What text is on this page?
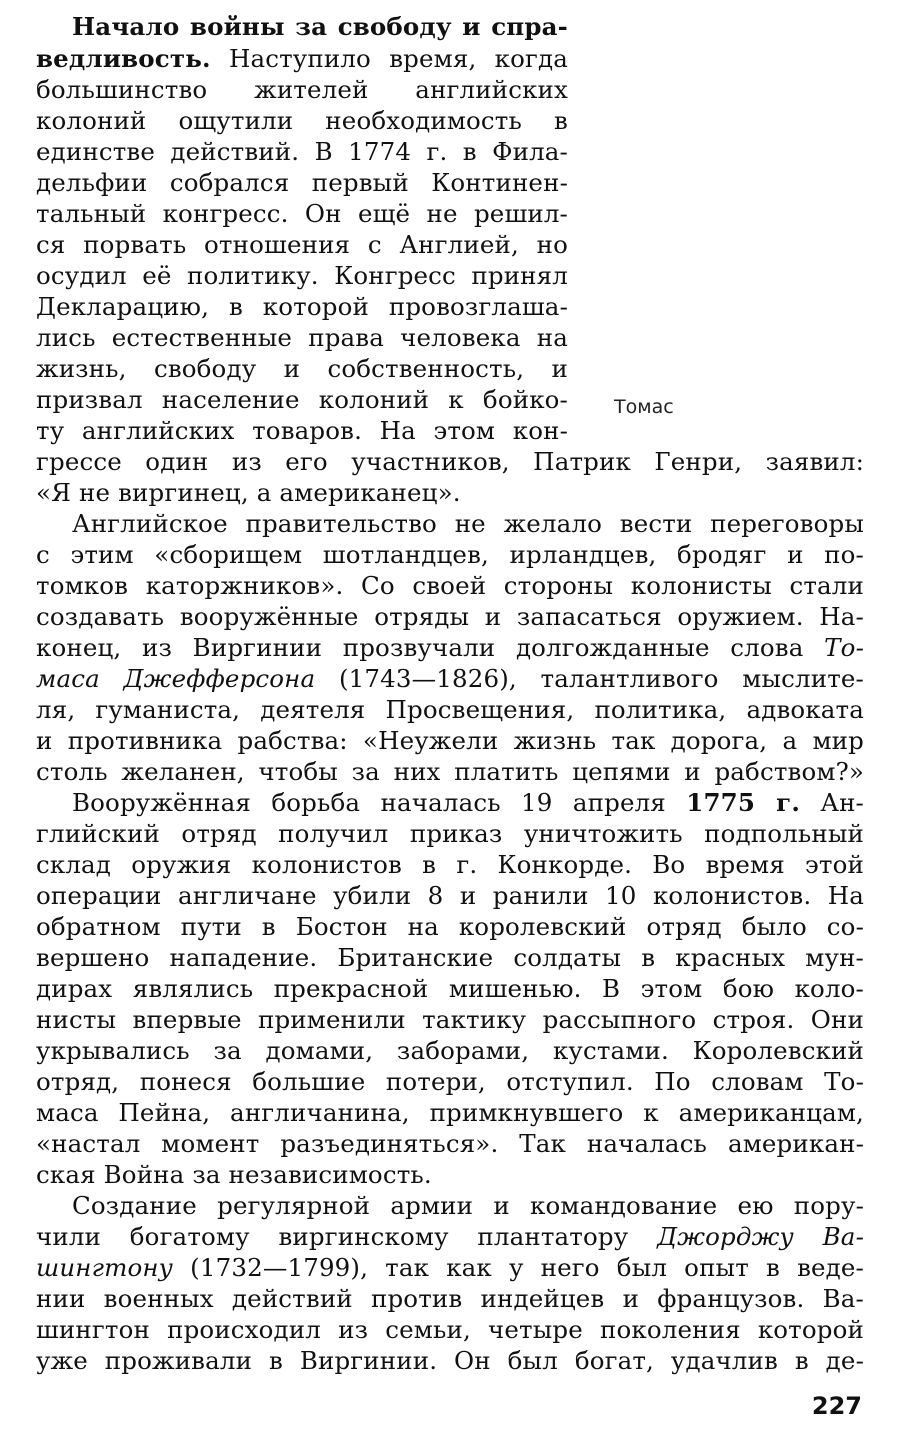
Начало войны за свободу и спра-
ведливость. Наступило время, когда
большинство жителей английских
колоний ощутили необходимость в
единстве действий. В 1774 г. в Фила-
дельфии собрался первый Континен-
тальный конгресс. Он ещё не решил-
ся порвать отношения с Англией, но
осудил её политику. Конгресс принял
Декларацию, в которой провозглаша-
лись естественные права человека на
жизнь, свободу и собственность, и
призвал население колоний к бойко-
ту английских товаров. На этом кон-
Томас
грессе один из его участников, Патрик Генри, заявил:
«Я не виргинец, а американец».
Английское правительство не желало вести переговоры
с этим «сборищем шотландцев, ирландцев, бродяг и по-
томков каторжников». Со своей стороны колонисты стали
создавать вооружённые отряды и запасаться оружием. На-
конец, из Виргинии прозвучали долгожданные слова То-
маса Джефферсона (1743—1826), талантливого мыслите-
ля, гуманиста, деятеля Просвещения, политика, адвоката
и противника рабства: «Неужели жизнь так дорога, а мир
столь желанен, чтобы за них платить цепями и рабством?»
Вооружённая борьба началась 19 апреля 1775 г. Ан-
глийский отряд получил приказ уничтожить подпольный
склад оружия колонистов в г. Конкорде. Во время этой
операции англичане убили 8 и ранили 10 колонистов. На
обратном пути в Бостон на королевский отряд было со-
вершено нападение. Британские солдаты в красных мун-
дирах являлись прекрасной мишенью. В этом бою коло-
нисты впервые применили тактику рассыпного строя. Они
укрывались за домами, заборами, кустами. Королевский
отряд, понеся большие потери, отступил. По словам То-
маса Пейна, англичанина, примкнувшего к американцам,
«настал момент разъединяться». Так началась американ-
ская Война за независимость.
Создание регулярной армии и командование ею пору-
чили богатому виргинскому плантатору Джорджу Ва-
шингтону (1732—1799), так как у него был опыт в веде-
нии военных действий против индейцев и французов. Ва-
шингтон происходил из семьи, четыре поколения которой
уже проживали в Виргинии. Он был богат, удачлив в де-
227
